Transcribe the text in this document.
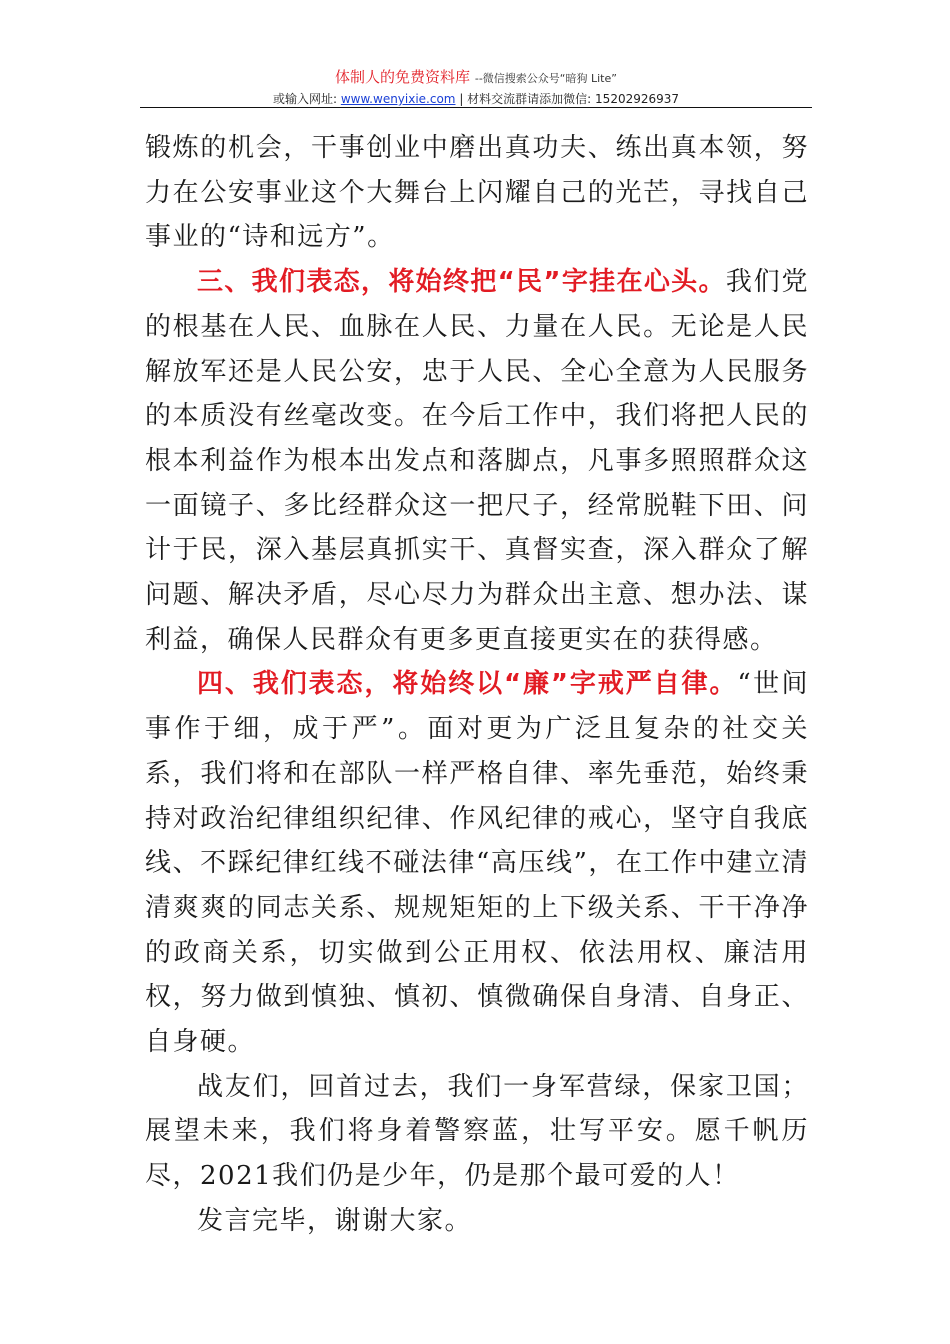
体制人的免费资料库 --微信搜索公众号“暗狗 Lite”
或输入网址: www.wenyixie.com | 材料交流群请添加微信: 15202926937

锻炼的机会，干事创业中磨出真功夫、练出真本领，努力在公安事业这个大舞台上闪耀自己的光芒，寻找自己事业的“诗和远方”。

三、我们表态，将始终把“民”字挂在心头。我们党的根基在人民、血脉在人民、力量在人民。无论是人民解放军还是人民公安，忠于人民、全心全意为人民服务的本质没有丝毫改变。在今后工作中，我们将把人民的根本利益作为根本出发点和落脚点，凡事多照照群众这一面镜子、多比经群众这一把尺子，经常脱鞋下田、问计于民，深入基层真抓实干、真督实查，深入群众了解问题、解决矛盾，尽心尽力为群众出主意、想办法、谋利益，确保人民群众有更多更直接更实在的获得感。

四、我们表态，将始终以“廉”字戒严自律。“世间事作于细，成于严”。面对更为广泛且复杂的社交关系，我们将和在部队一样严格自律、率先垂范，始终秉持对政治纪律组织纪律、作风纪律的戒心，坚守自我底线、不踩纪律红线不碰法律“高压线”，在工作中建立清清爽爽的同志关系、规规矩矩的上下级关系、干干净净的政商关系，切实做到公正用权、依法用权、廉洁用权，努力做到慎独、慎初、慎微确保自身清、自身正、自身硬。

战友们，回首过去，我们一身军营绿，保家卫国；展望未来，我们将身着警察蓝，壮写平安。愿千帆历尽，2021我们仍是少年，仍是那个最可爱的人！

发言完毕，谢谢大家。
